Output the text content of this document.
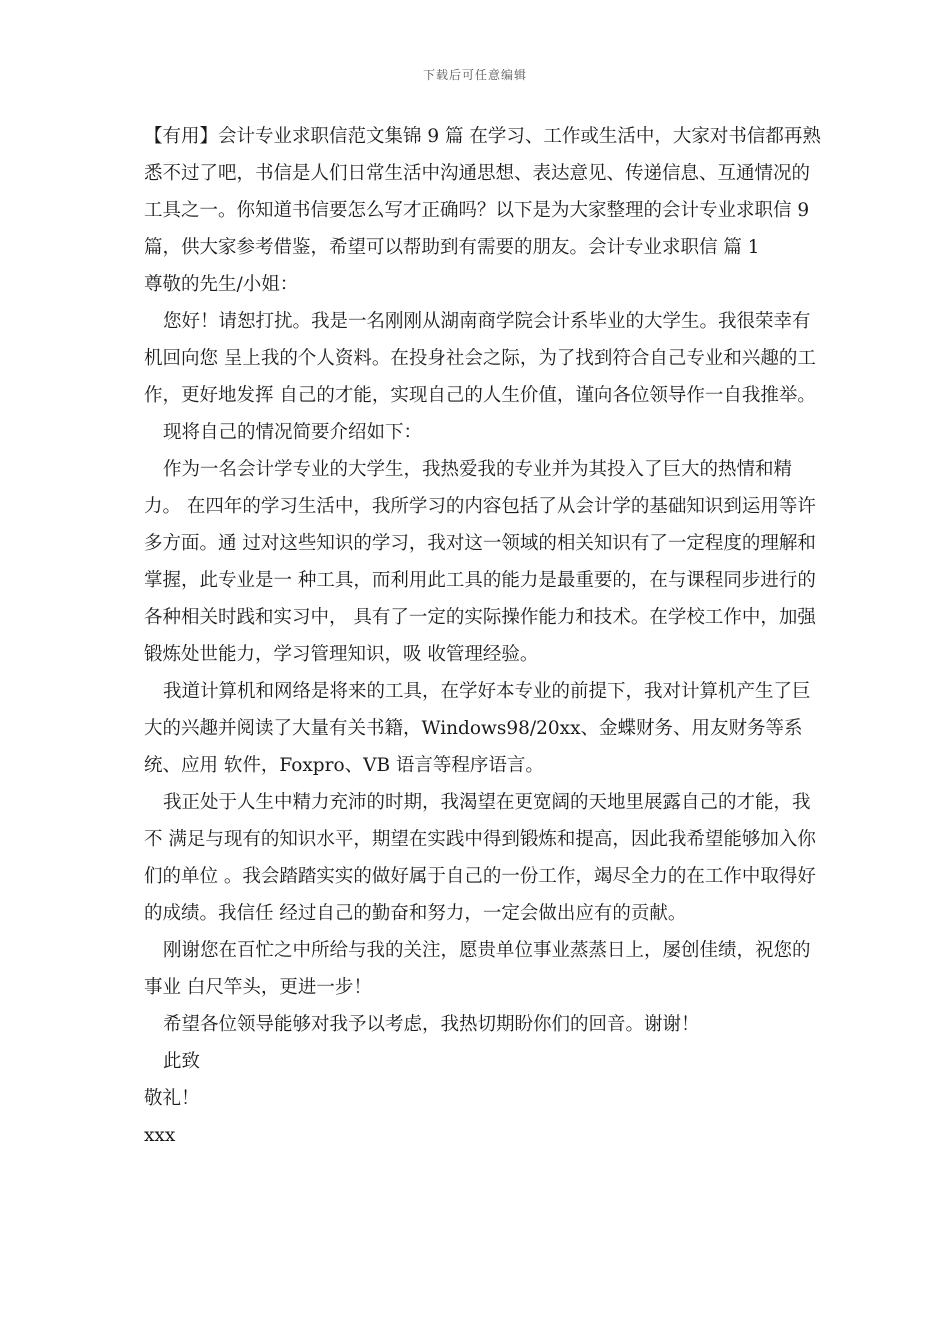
下载后可任意编辑

【有用】会计专业求职信范文集锦 9 篇 在学习、工作或生活中，大家对书信都再熟悉不过了吧，书信是人们日常生活中沟通思想、表达意见、传递信息、互通情况的工具之一。你知道书信要怎么写才正确吗？以下是为大家整理的会计专业求职信 9 篇，供大家参考借鉴，希望可以帮助到有需要的朋友。会计专业求职信 篇 1

尊敬的先生/小姐：

您好！请恕打扰。我是一名刚刚从湖南商学院会计系毕业的大学生。我很荣幸有机回向您 呈上我的个人资料。在投身社会之际，为了找到符合自己专业和兴趣的工作，更好地发挥 自己的才能，实现自己的人生价值，谨向各位领导作一自我推举。

现将自己的情况简要介绍如下：

作为一名会计学专业的大学生，我热爱我的专业并为其投入了巨大的热情和精力。 在四年的学习生活中，我所学习的内容包括了从会计学的基础知识到运用等许多方面。通 过对这些知识的学习，我对这一领域的相关知识有了一定程度的理解和掌握，此专业是一 种工具，而利用此工具的能力是最重要的，在与课程同步进行的各种相关时践和实习中， 具有了一定的实际操作能力和技术。在学校工作中，加强锻炼处世能力，学习管理知识，吸 收管理经验。

我道计算机和网络是将来的工具，在学好本专业的前提下，我对计算机产生了巨 大的兴趣并阅读了大量有关书籍，Windows98/20xx、金蝶财务、用友财务等系统、应用 软件，Foxpro、VB 语言等程序语言。

我正处于人生中精力充沛的时期，我渴望在更宽阔的天地里展露自己的才能，我不 满足与现有的知识水平，期望在实践中得到锻炼和提高，因此我希望能够加入你们的单位 。我会踏踏实实的做好属于自己的一份工作，竭尽全力的在工作中取得好的成绩。我信任 经过自己的勤奋和努力，一定会做出应有的贡献。

刚谢您在百忙之中所给与我的关注，愿贵单位事业蒸蒸日上，屡创佳绩，祝您的事业 白尺竿头，更进一步！

希望各位领导能够对我予以考虑，我热切期盼你们的回音。谢谢！

此致

敬礼！

xxx
